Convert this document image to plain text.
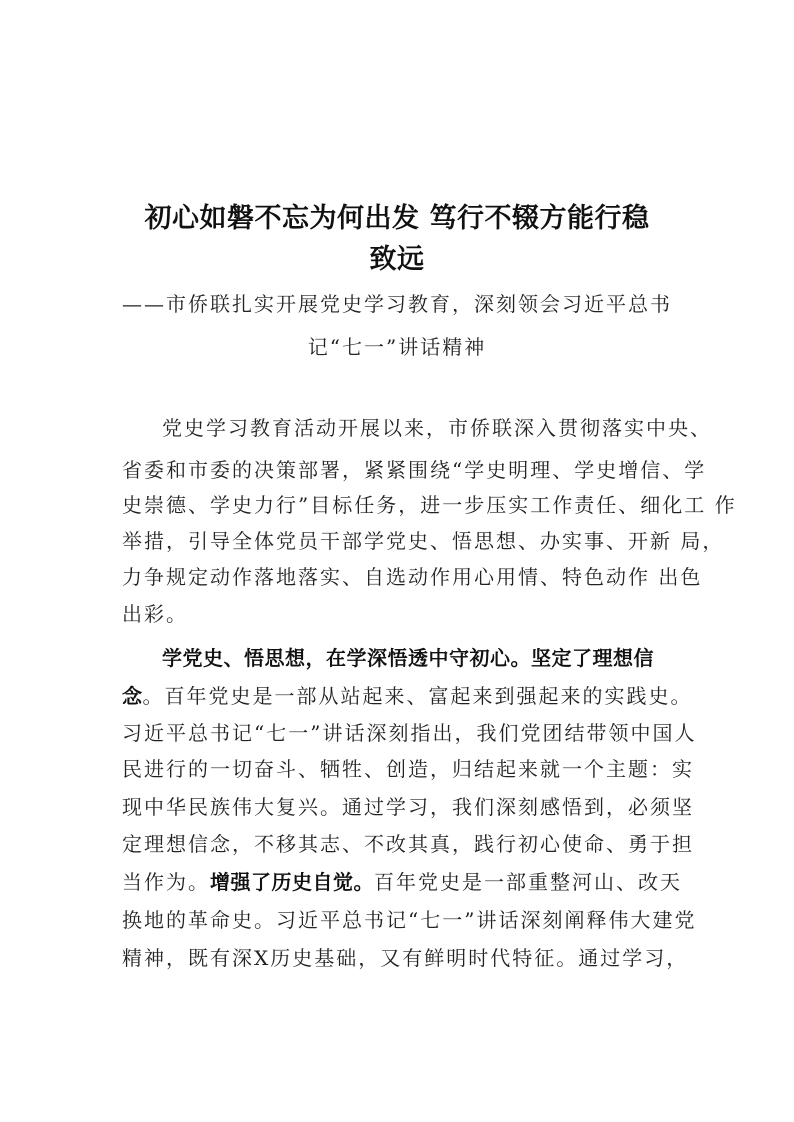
初心如磐不忘为何出发 笃行不辍方能行稳
致远
——市侨联扎实开展党史学习教育，深刻领会习近平总书
记“七一”讲话精神
党史学习教育活动开展以来，市侨联深入贯彻落实中央、
省委和市委的决策部署，紧紧围绕“学史明理、学史增信、学
史崇德、学史力行”目标任务，进一步压实工作责任、细化工 作
举措，引导全体党员干部学党史、悟思想、办实事、开新 局，
力争规定动作落地落实、自选动作用心用情、特色动作 出色
出彩。
学党史、悟思想，在学深悟透中守初心。坚定了理想信
念。百年党史是一部从站起来、富起来到强起来的实践史。
习近平总书记“七一”讲话深刻指出，我们党团结带领中国人
民进行的一切奋斗、牺牲、创造，归结起来就一个主题：实
现中华民族伟大复兴。通过学习，我们深刻感悟到，必须坚
定理想信念，不移其志、不改其真，践行初心使命、勇于担
当作为。增强了历史自觉。百年党史是一部重整河山、改天
换地的革命史。习近平总书记“七一”讲话深刻阐释伟大建党
精神，既有深X历史基础，又有鲜明时代特征。通过学习，
